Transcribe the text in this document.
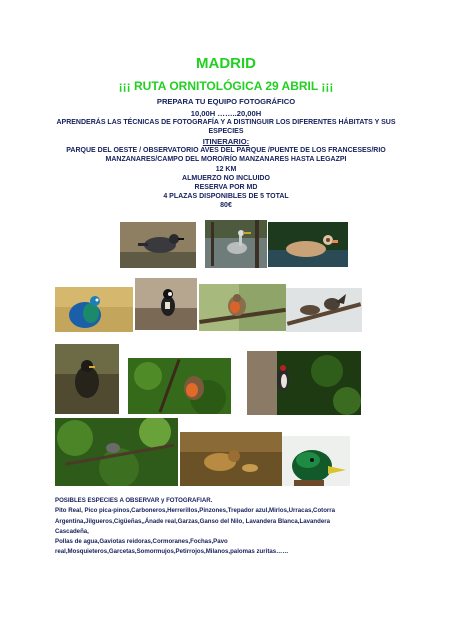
MADRID
¡¡¡ RUTA ORNITOLÓGICA 29 ABRIL ¡¡¡
PREPARA TU EQUIPO FOTOGRÁFICO
10,00H ……..20,00H
APRENDERÁS LAS TÉCNICAS DE FOTOGRAFÍA Y A DISTINGUIR LOS DIFERENTES HÁBITATS Y SUS
ESPECIES
ITINERARIO:
PARQUE DEL OESTE / OBSERVATORIO AVES DEL PARQUE /PUENTE DE LOS FRANCESES/RIO
MANZANARES/CAMPO DEL MORO/RÍO MANZANARES HASTA LEGAZPI
12 KM
ALMUERZO NO INCLUIDO
RESERVA POR MD
4 PLAZAS DISPONIBLES DE 5 TOTAL
80€
POSIBLES ESPECIES A OBSERVAR y FOTOGRAFIAR.
Pito Real, Pico pica-pinos,Carboneros,Herrerillos,Pinzones,Trepador azul,Mirlos,Urracas,Cotorra
Argentina,Jilgueros,Cigüeñas,,Ánade real,Garzas,Ganso del Nilo, Lavandera Blanca,Lavandera
Cascadeña,
Pollas de agua,Gaviotas reidoras,Cormoranes,Fochas,Pavo
real,Mosquieteros,Garcetas,Somormujos,Petirrojos,Milanos,palomas zuritas……
